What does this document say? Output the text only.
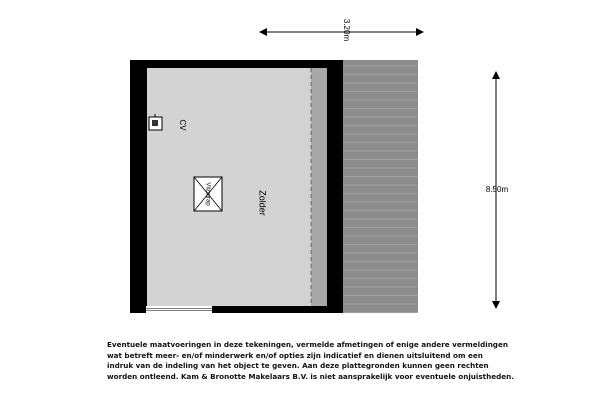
3.20m
8.50m
CV
Vlizotrap	Zolder

Eventuele maatvoeringen in deze tekeningen, vermelde afmetingen of enige andere vermeldingen
wat betreft meer- en/of minderwerk en/of opties zijn indicatief en dienen uitsluitend om een
indruk van de indeling van het object te geven. Aan deze plattegronden kunnen geen rechten
worden ontleend. Kam & Bronotte Makelaars B.V. is niet aansprakelijk voor eventuele onjuistheden.
